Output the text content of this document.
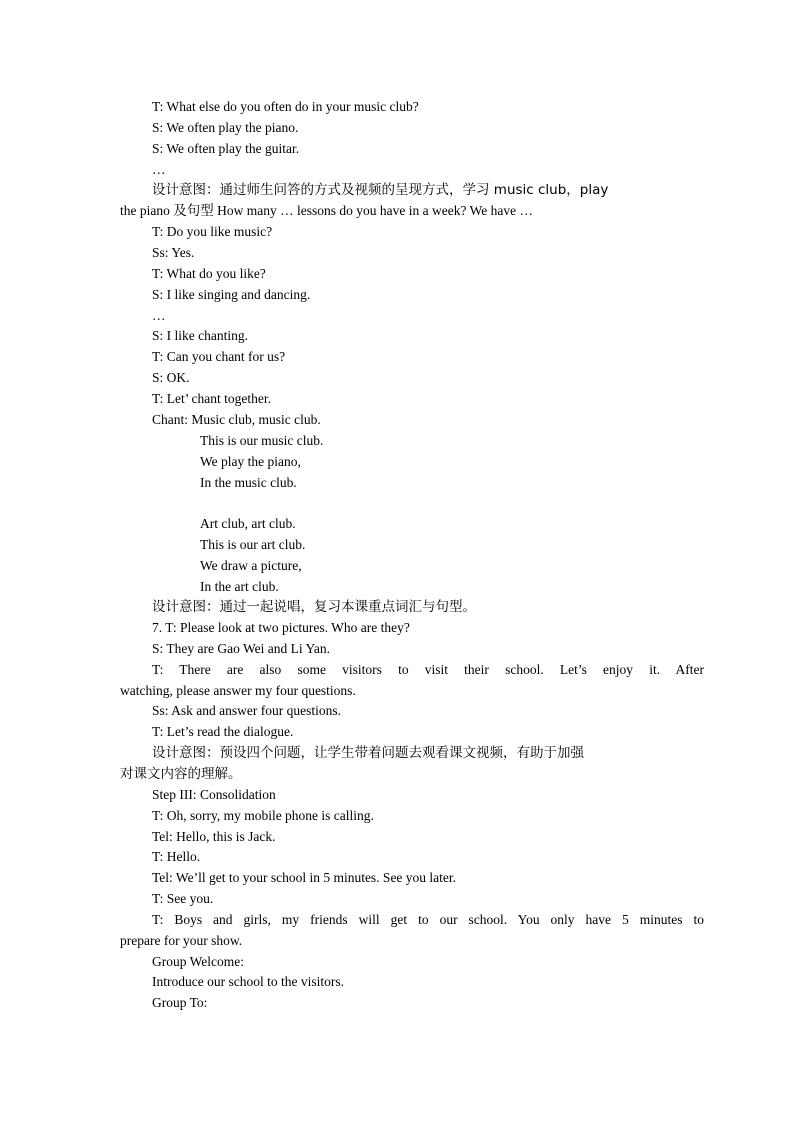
T: What else do you often do in your music club?
S: We often play the piano.
S: We often play the guitar.
…
设计意图：通过师生问答的方式及视频的呈现方式，学习 music club，play
the piano 及句型 How many … lessons do you have in a week? We have …
T: Do you like music?
Ss: Yes.
T: What do you like?
S: I like singing and dancing.
…
S: I like chanting.
T: Can you chant for us?
S: OK.
T: Let’ chant together.
Chant: Music club, music club.
This is our music club.
We play the piano,
In the music club.
Art club, art club.
This is our art club.
We draw a picture,
In the art club.
设计意图：通过一起说唱，复习本课重点词汇与句型。
7. T: Please look at two pictures. Who are they?
S: They are Gao Wei and Li Yan.
T: There are also some visitors to visit their school. Let’s enjoy it. After
watching, please answer my four questions.
Ss: Ask and answer four questions.
T: Let’s read the dialogue.
设计意图：预设四个问题，让学生带着问题去观看课文视频，有助于加强
对课文内容的理解。
Step III: Consolidation
T: Oh, sorry, my mobile phone is calling.
Tel: Hello, this is Jack.
T: Hello.
Tel: We’ll get to your school in 5 minutes. See you later.
T: See you.
T: Boys and girls, my friends will get to our school. You only have 5 minutes to
prepare for your show.
Group Welcome:
Introduce our school to the visitors.
Group To:
